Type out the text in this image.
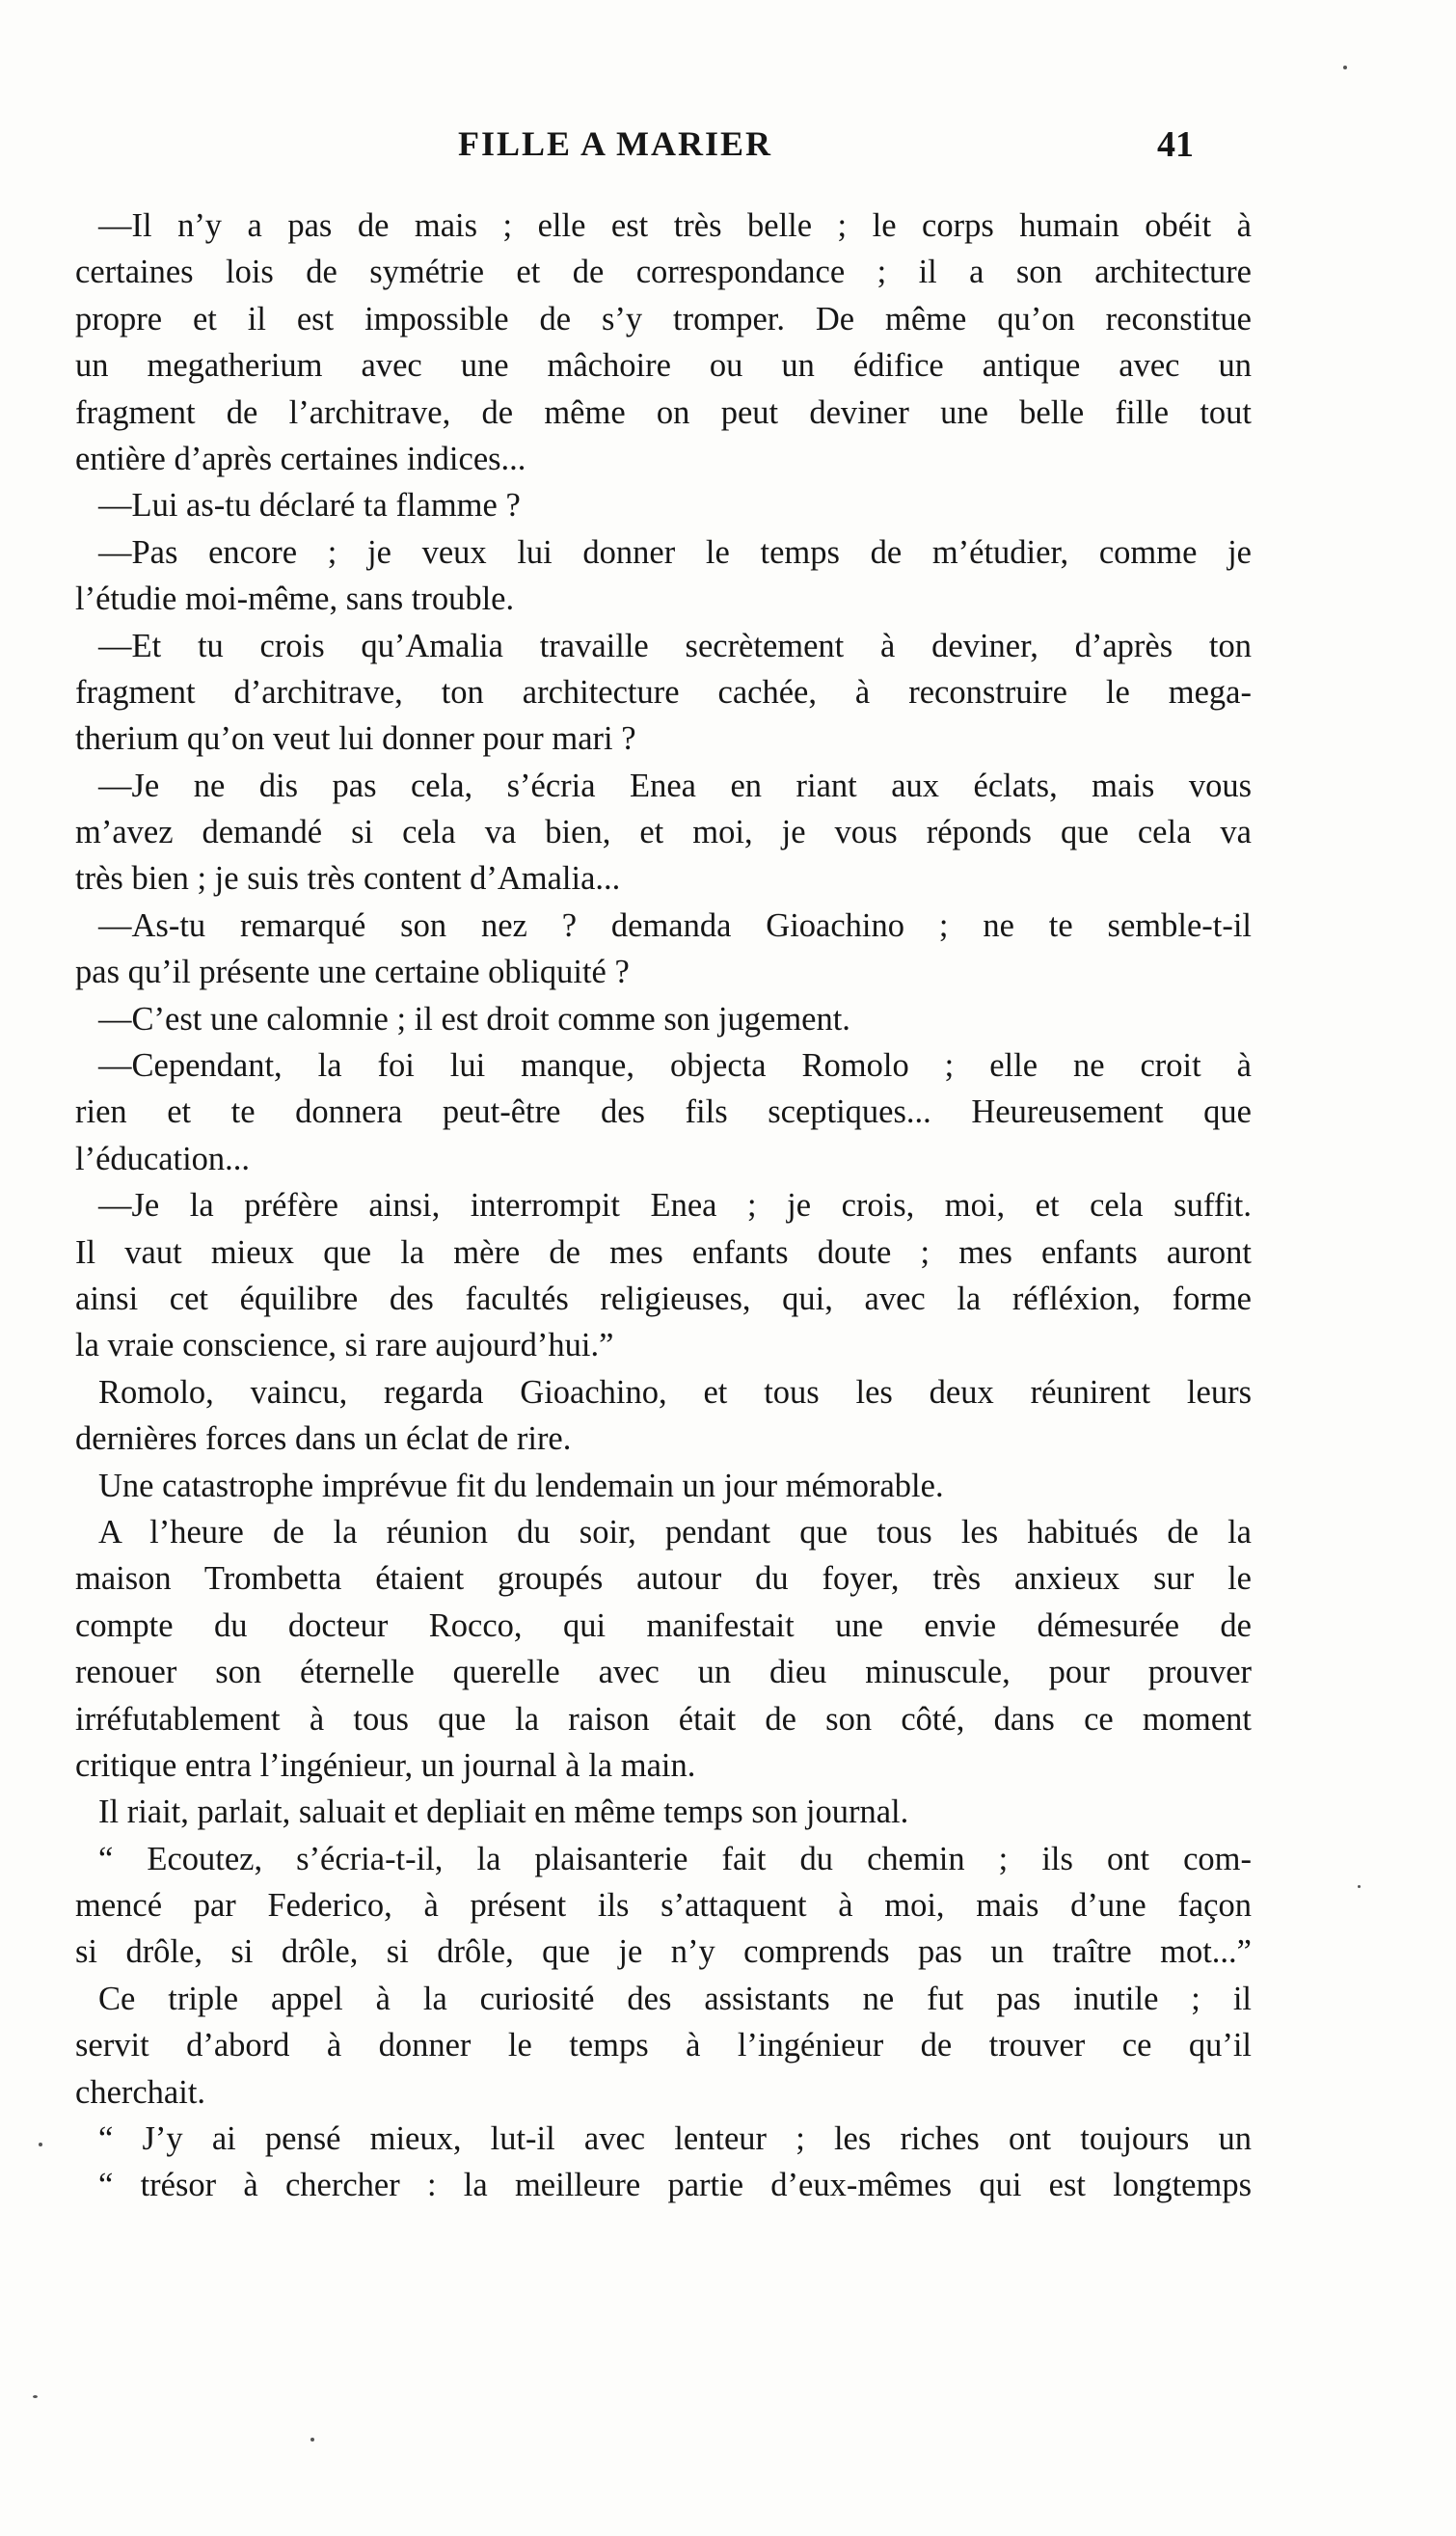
FILLE A MARIER	41
—Il n’y a pas de mais ; elle est très belle ; le corps humain obéit à
certaines lois de symétrie et de correspondance ; il a son architecture
propre et il est impossible de s’y tromper. De même qu’on reconstitue
un megatherium avec une mâchoire ou un édifice antique avec un
fragment de l’architrave, de même on peut deviner une belle fille tout
entière d’après certaines indices...
—Lui as-tu déclaré ta flamme ?
—Pas encore ; je veux lui donner le temps de m’étudier, comme je
l’étudie moi-même, sans trouble.
—Et tu crois qu’Amalia travaille secrètement à deviner, d’après ton
fragment d’architrave, ton architecture cachée, à reconstruire le mega-
therium qu’on veut lui donner pour mari ?
—Je ne dis pas cela, s’écria Enea en riant aux éclats, mais vous
m’avez demandé si cela va bien, et moi, je vous réponds que cela va
très bien ; je suis très content d’Amalia...
—As-tu remarqué son nez ? demanda Gioachino ; ne te semble-t-il
pas qu’il présente une certaine obliquité ?
—C’est une calomnie ; il est droit comme son jugement.
—Cependant, la foi lui manque, objecta Romolo ; elle ne croit à
rien et te donnera peut-être des fils sceptiques... Heureusement que
l’éducation...
—Je la préfère ainsi, interrompit Enea ; je crois, moi, et cela suffit.
Il vaut mieux que la mère de mes enfants doute ; mes enfants auront
ainsi cet équilibre des facultés religieuses, qui, avec la réfléxion, forme
la vraie conscience, si rare aujourd’hui.”
Romolo, vaincu, regarda Gioachino, et tous les deux réunirent leurs
dernières forces dans un éclat de rire.
Une catastrophe imprévue fit du lendemain un jour mémorable.
A l’heure de la réunion du soir, pendant que tous les habitués de la
maison Trombetta étaient groupés autour du foyer, très anxieux sur le
compte du docteur Rocco, qui manifestait une envie démesurée de
renouer son éternelle querelle avec un dieu minuscule, pour prouver
irréfutablement à tous que la raison était de son côté, dans ce moment
critique entra l’ingénieur, un journal à la main.
Il riait, parlait, saluait et depliait en même temps son journal.
“ Ecoutez, s’écria-t-il, la plaisanterie fait du chemin ; ils ont com-
mencé par Federico, à présent ils s’attaquent à moi, mais d’une façon
si drôle, si drôle, si drôle, que je n’y comprends pas un traître mot...”
Ce triple appel à la curiosité des assistants ne fut pas inutile ; il
servit d’abord à donner le temps à l’ingénieur de trouver ce qu’il
cherchait.
“ J’y ai pensé mieux, lut-il avec lenteur ; les riches ont toujours un
“ trésor à chercher : la meilleure partie d’eux-mêmes qui est longtemps
